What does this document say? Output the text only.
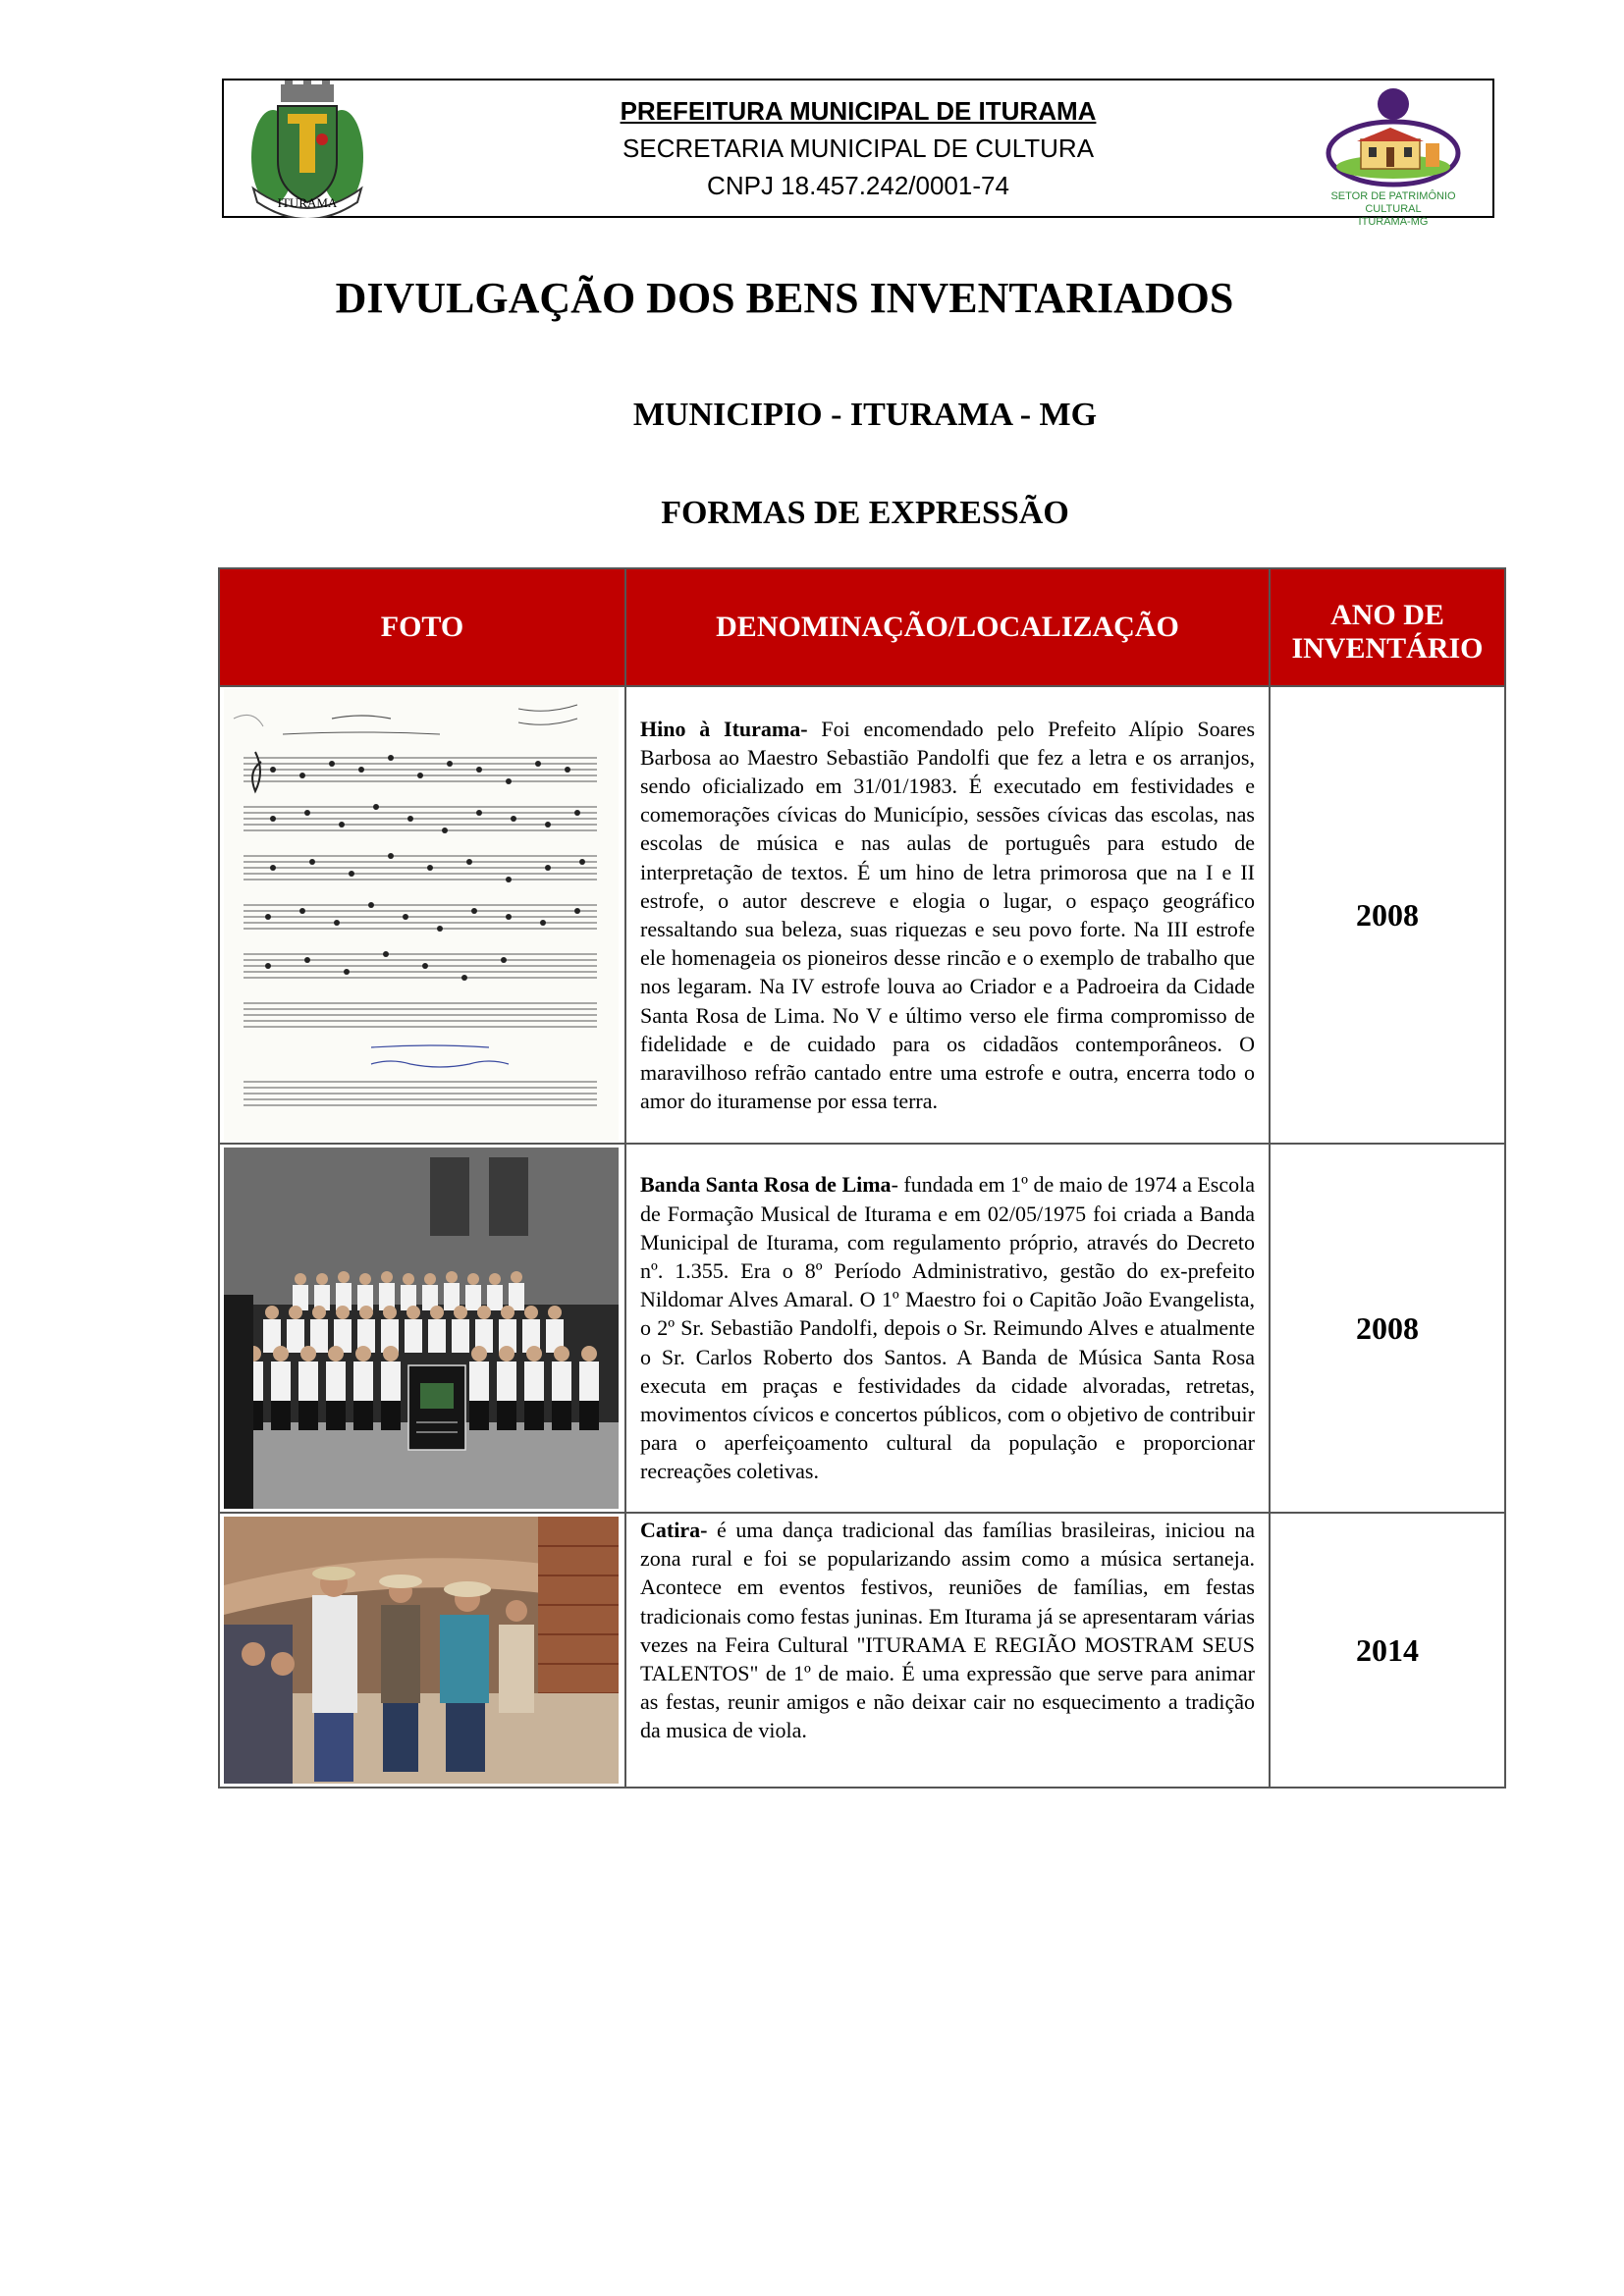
ITURAMA
PREFEITURA MUNICIPAL DE ITURAMA
SECRETARIA MUNICIPAL DE CULTURA
CNPJ 18.457.242/0001-74	SETOR DE PATRIMÔNIO CULTURAL
ITURAMA-MG
DIVULGAÇÃO DOS BENS INVENTARIADOS
MUNICIPIO - ITURAMA - MG
FORMAS DE EXPRESSÃO
FOTO	DENOMINAÇÃO/LOCALIZAÇÃO	ANO DE
INVENTÁRIO

	Hino à Iturama- Foi encomendado pelo Prefeito Alípio Soares Barbosa ao Maestro Sebastião Pandolfi que fez a letra e os arranjos, sendo oficializado em 31/01/1983. É executado em festividades e comemorações cívicas do Município, sessões cívicas das escolas, nas escolas de música e nas aulas de português para estudo de interpretação de textos. É um hino de letra primorosa que na I e II estrofe, o autor descreve e elogia o lugar, o espaço geográfico ressaltando sua beleza, suas riquezas e seu povo forte. Na III estrofe ele homenageia os pioneiros desse rincão e o exemplo de trabalho que nos legaram. Na IV estrofe louva ao Criador e a Padroeira da Cidade Santa Rosa de Lima. No V e último verso ele firma compromisso de fidelidade e de cuidado para os cidadãos contemporâneos. O maravilhoso refrão cantado entre uma estrofe e outra, encerra todo o amor do ituramense por essa terra.	2008

	Banda Santa Rosa de Lima- fundada em 1º de maio de 1974 a Escola de Formação Musical de Iturama e em 02/05/1975 foi criada a Banda Municipal de Iturama, com regulamento próprio, através do Decreto nº. 1.355. Era o 8º Período Administrativo, gestão do ex-prefeito Nildomar Alves Amaral. O 1º Maestro foi o Capitão João Evangelista, o 2º Sr. Sebastião Pandolfi, depois o Sr. Reimundo Alves e atualmente o Sr. Carlos Roberto dos Santos. A Banda de Música Santa Rosa executa em praças e festividades da cidade alvoradas, retretas, movimentos cívicos e concertos públicos, com o objetivo de contribuir para o aperfeiçoamento cultural da população e proporcionar recreações coletivas.	2008

	Catira- é uma dança tradicional das famílias brasileiras, iniciou na zona rural e foi se popularizando assim como a música sertaneja. Acontece em eventos festivos, reuniões de famílias, em festas tradicionais como festas juninas. Em Iturama já se apresentaram várias vezes na Feira Cultural "ITURAMA E REGIÃO MOSTRAM SEUS TALENTOS" de 1º de maio. É uma expressão que serve para animar as festas, reunir amigos e não deixar cair no esquecimento a tradição da musica de viola.	2014
